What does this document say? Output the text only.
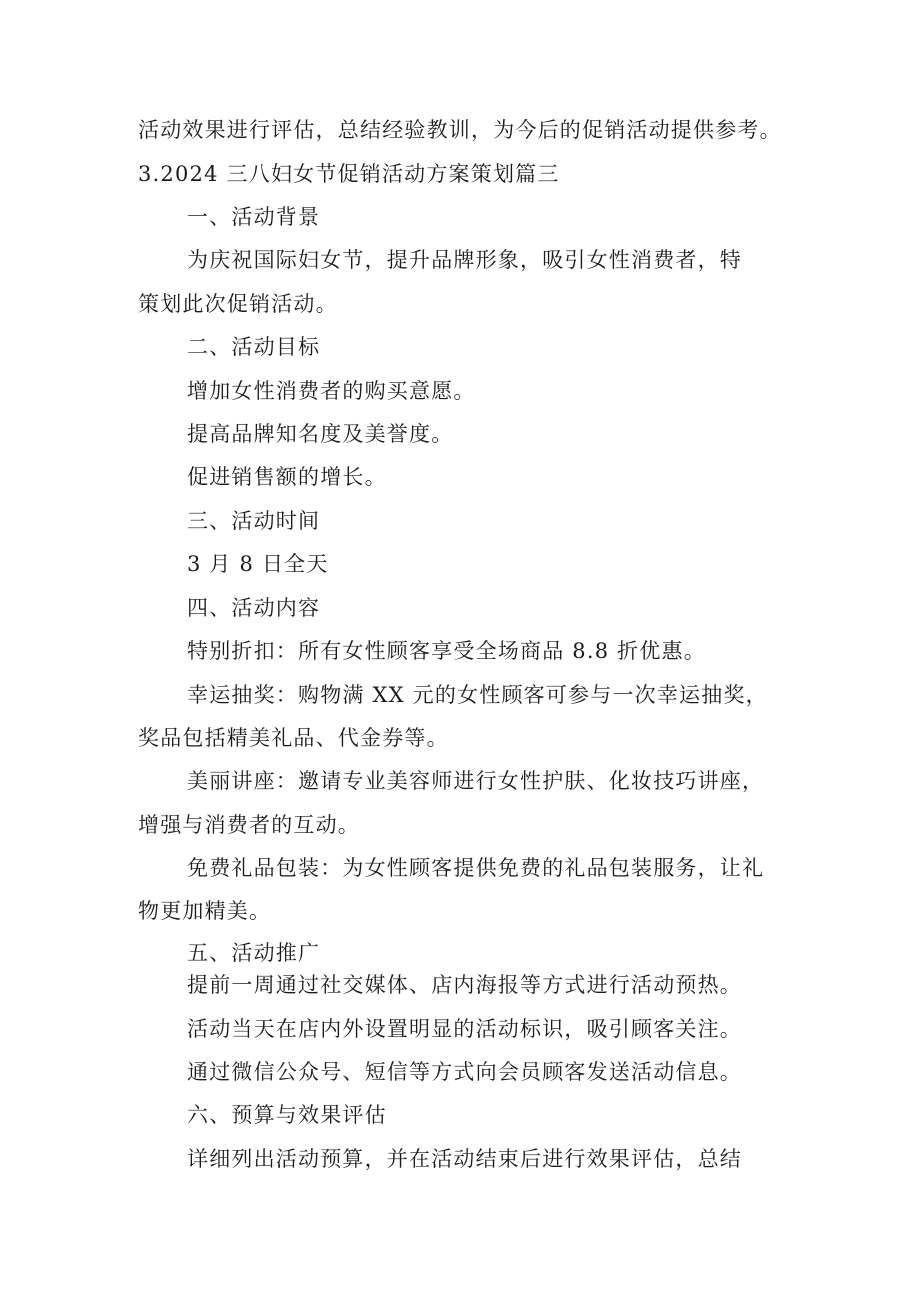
活动效果进行评估，总结经验教训，为今后的促销活动提供参考。
3.2024 三八妇女节促销活动方案策划篇三
一、活动背景
为庆祝国际妇女节，提升品牌形象，吸引女性消费者，特
策划此次促销活动。
二、活动目标
增加女性消费者的购买意愿。
提高品牌知名度及美誉度。
促进销售额的增长。
三、活动时间
3 月 8 日全天
四、活动内容
特别折扣：所有女性顾客享受全场商品 8.8 折优惠。
幸运抽奖：购物满 XX 元的女性顾客可参与一次幸运抽奖，
奖品包括精美礼品、代金券等。
美丽讲座：邀请专业美容师进行女性护肤、化妆技巧讲座，
增强与消费者的互动。
免费礼品包装：为女性顾客提供免费的礼品包装服务，让礼
物更加精美。
五、活动推广
提前一周通过社交媒体、店内海报等方式进行活动预热。
活动当天在店内外设置明显的活动标识，吸引顾客关注。
通过微信公众号、短信等方式向会员顾客发送活动信息。
六、预算与效果评估
详细列出活动预算，并在活动结束后进行效果评估，总结
